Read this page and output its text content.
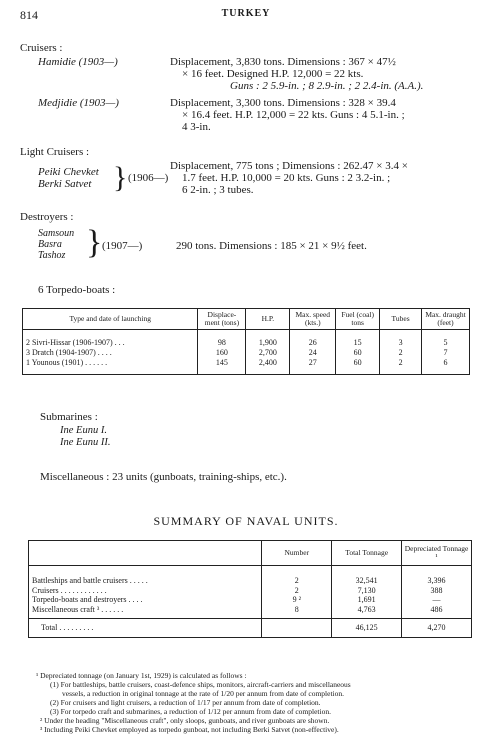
814	TURKEY
Cruisers :
Hamidie (1903—)	Displacement, 3,830 tons. Dimensions : 367 × 47½
× 16 feet. Designed H.P. 12,000 = 22 kts.
Guns : 2 5.9-in. ; 8 2.9-in. ; 2 2.4-in. (A.A.).
Medjidie (1903—)	Displacement, 3,300 tons. Dimensions : 328 × 39.4
× 16.4 feet. H.P. 12,000 = 22 kts. Guns : 4 5.1-in. ;
4 3-in.
Light Cruisers :
Peiki Chevket
Berki Satvet } (1906—)
Displacement, 775 tons ; Dimensions : 262.47 × 3.4 ×
1.7 feet. H.P. 10,000 = 20 kts. Guns : 2 3.2-in. ;
6 2-in. ; 3 tubes.
Destroyers :
Samsoun
Basra
Tashoz } (1907—)	290 tons. Dimensions : 185 × 21 × 9½ feet.
6 Torpedo-boats :
Type and date of launching	Displace-ment (tons)	H.P.	Max. speed (kts.)	Fuel (coal) tons	Tubes	Max. draught (feet)
2 Sivri-Hissar (1906-1907) . . .	98	1,900	26	15	3	5
3 Dratch (1904-1907) . . . .	160	2,700	24	60	2	7
1 Younous (1901) . . . . . .	145	2,400	27	60	2	6
Submarines :
Ine Eunu I.
Ine Eunu II.
Miscellaneous : 23 units (gunboats, training-ships, etc.).
SUMMARY OF NAVAL UNITS.
	Number	Total Tonnage	Depreciated Tonnage ¹
Battleships and battle cruisers . . . . .	2	32,541	3,396
Cruisers . . . . . . . . . . . .	2	7,130	388
Torpedo-boats and destroyers . . . .	9 ²	1,691	—
Miscellaneous craft ³ . . . . . .	8	4,763	486
Total . . . . . . . . .		46,125	4,270
¹ Depreciated tonnage (on January 1st, 1929) is calculated as follows :
(1) For battleships, battle cruisers, coast-defence ships, monitors, aircraft-carriers and miscellaneous
vessels, a reduction in original tonnage at the rate of 1/20 per annum from date of completion.
(2) For cruisers and light cruisers, a reduction of 1/17 per annum from date of completion.
(3) For torpedo craft and submarines, a reduction of 1/12 per annum from date of completion.
² Under the heading "Miscellaneous craft", only sloops, gunboats, and river gunboats are shown.
³ Including Peiki Chevket employed as torpedo gunboat, not including Berki Satvet (non-effective).
